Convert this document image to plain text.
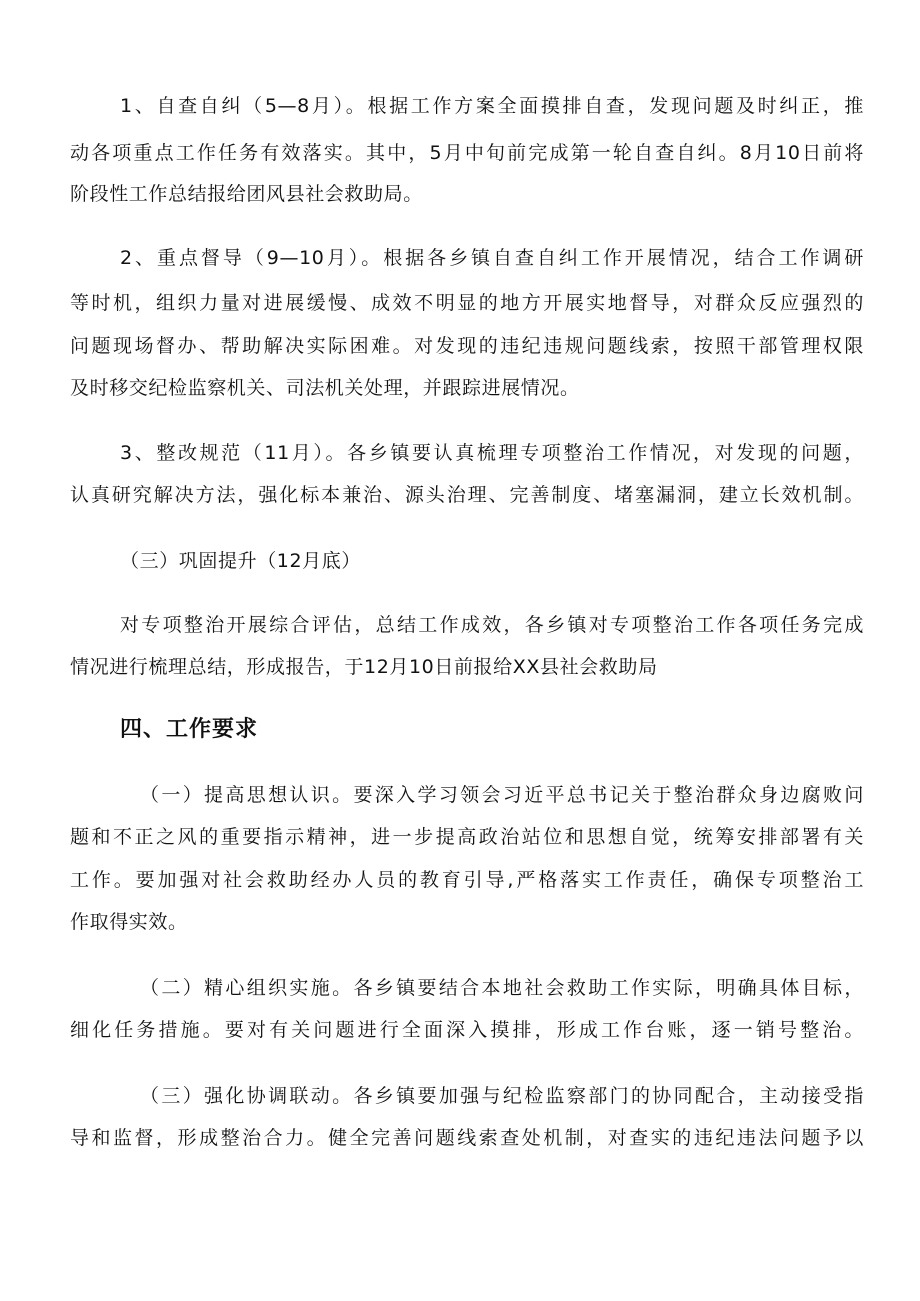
1、自查自纠（5—8月）。根据工作方案全面摸排自查，发现问题及时纠正，推
动各项重点工作任务有效落实。其中，5月中旬前完成第一轮自查自纠。8月10日前将
阶段性工作总结报给团风县社会救助局。
2、重点督导（9—10月）。根据各乡镇自查自纠工作开展情况，结合工作调研
等时机，组织力量对进展缓慢、成效不明显的地方开展实地督导，对群众反应强烈的
问题现场督办、帮助解决实际困难。对发现的违纪违规问题线索，按照干部管理权限
及时移交纪检监察机关、司法机关处理，并跟踪进展情况。
3、整改规范（11月）。各乡镇要认真梳理专项整治工作情况，对发现的问题，
认真研究解决方法，强化标本兼治、源头治理、完善制度、堵塞漏洞，建立长效机制。
（三）巩固提升（12月底）
对专项整治开展综合评估，总结工作成效，各乡镇对专项整治工作各项任务完成
情况进行梳理总结，形成报告，于12月10日前报给XX县社会救助局
四、工作要求
（一）提高思想认识。要深入学习领会习近平总书记关于整治群众身边腐败问
题和不正之风的重要指示精神，进一步提高政治站位和思想自觉，统筹安排部署有关
工作。要加强对社会救助经办人员的教育引导,严格落实工作责任，确保专项整治工
作取得实效。
（二）精心组织实施。各乡镇要结合本地社会救助工作实际，明确具体目标，
细化任务措施。要对有关问题进行全面深入摸排，形成工作台账，逐一销号整治。
（三）强化协调联动。各乡镇要加强与纪检监察部门的协同配合，主动接受指
导和监督，形成整治合力。健全完善问题线索查处机制，对查实的违纪违法问题予以
